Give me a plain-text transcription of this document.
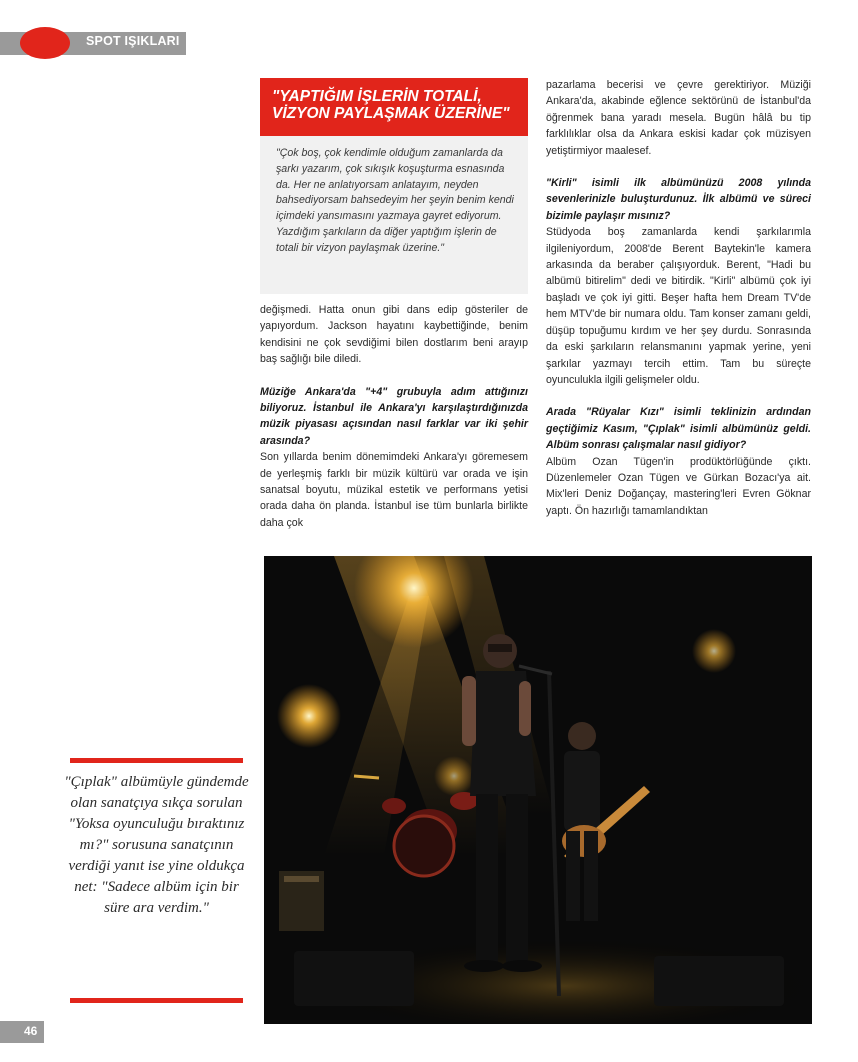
SPOT IŞIKLARI
"YAPTIĞIM İŞLERİN TOTALİ, VİZYON PAYLAŞMAK ÜZERİNE"
"Çok boş, çok kendimle olduğum zamanlarda da şarkı yazarım, çok sıkışık koşuşturma esnasında da. Her ne anlatıyorsam anlatayım, neyden bahsediyorsam bahsedeyim her şeyin benim kendi içimdeki yansımasını yazmaya gayret ediyorum. Yazdığım şarkıların da diğer yaptığım işlerin de totali bir vizyon paylaşmak üzerine."

değişmedi. Hatta onun gibi dans edip gösteriler de yapıyordum. Jackson hayatını kaybettiğinde, benim kendisini ne çok sevdiğimi bilen dostlarım beni arayıp baş sağlığı bile diledi.

Müziğe Ankara'da "+4" grubuyla adım attığınızı biliyoruz. İstanbul ile Ankara'yı karşılaştırdığınızda müzik piyasası açısından nasıl farklar var iki şehir arasında?

Son yıllarda benim dönemimdeki Ankara'yı göremesem de yerleşmiş farklı bir müzik kültürü var orada ve işin sanatsal boyutu, müzikal estetik ve performans yetisi orada daha ön planda. İstanbul ise tüm bunlarla birlikte daha çok

pazarlama becerisi ve çevre gerektiriyor. Müziği Ankara'da, akabinde eğlence sektörünü de İstanbul'da öğrenmek bana yaradı mesela. Bugün hâlâ bu tip farklılıklar olsa da Ankara eskisi kadar çok müzisyen yetiştirmiyor maalesef.

"Kirli" isimli ilk albümünüzü 2008 yılında sevenlerinizle buluşturdunuz. İlk albümü ve süreci bizimle paylaşır mısınız?

Stüdyoda boş zamanlarda kendi şarkılarımla ilgileniyordum, 2008'de Berent Baytekin'le kamera arkasında da beraber çalışıyorduk. Berent, "Hadi bu albümü bitirelim" dedi ve bitirdik. "Kirli" albümü çok iyi başladı ve çok iyi gitti. Beşer hafta hem Dream TV'de hem MTV'de bir numara oldu. Tam konser zamanı geldi, düşüp topuğumu kırdım ve her şey durdu. Sonrasında da eski şarkıların relansmanını yapmak yerine, yeni şarkılar yazmayı tercih ettim. Tam bu süreçte oyunculukla ilgili gelişmeler oldu.

Arada "Rüyalar Kızı" isimli teklinizin ardından geçtiğimiz Kasım, "Çıplak" isimli albümünüz geldi. Albüm sonrası çalışmalar nasıl gidiyor?

Albüm Ozan Tügen'in prodüktörlüğünde çıktı. Düzenlemeler Ozan Tügen ve Gürkan Bozacı'ya ait. Mix'leri Deniz Doğançay, mastering'leri Evren Göknar yaptı. Ön hazırlığı tamamlandıktan

"Çıplak" albümüyle gündemde olan sanatçıya sıkça sorulan "Yoksa oyunculuğu bıraktınız mı?" sorusuna sanatçının verdiği yanıt ise yine oldukça net: "Sadece albüm için bir süre ara verdim."
46
